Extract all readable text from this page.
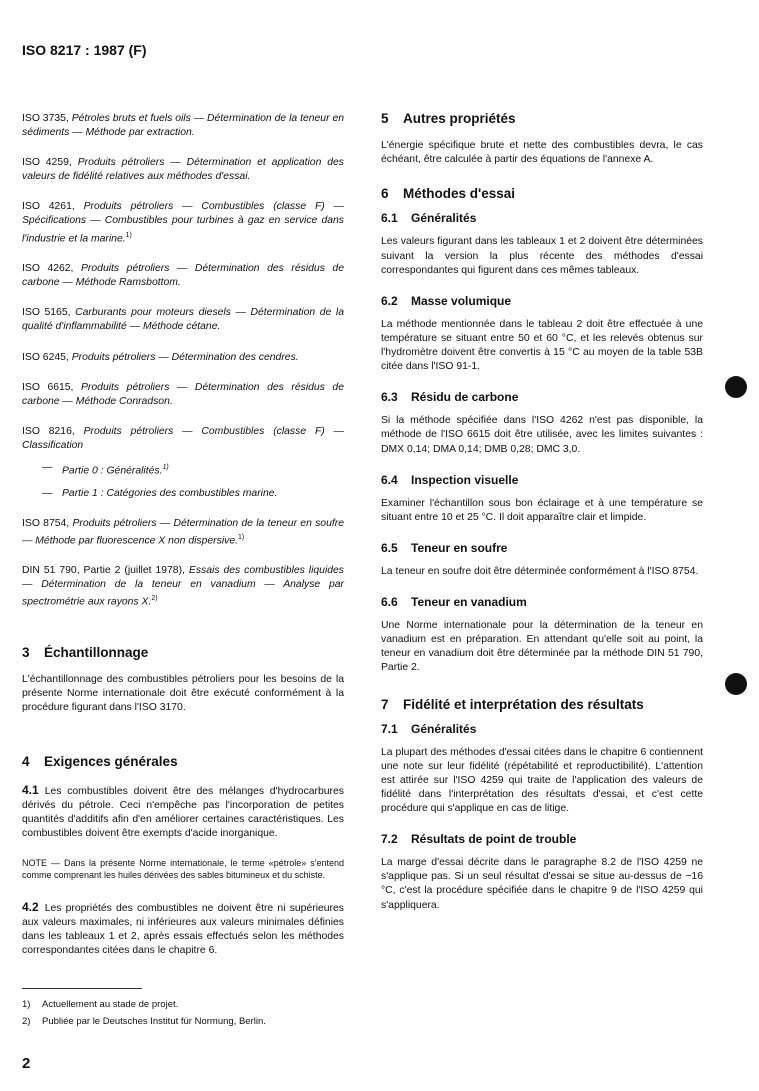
ISO 8217 : 1987 (F)
ISO 3735, Pétroles bruts et fuels oils — Détermination de la teneur en sédiments — Méthode par extraction.
ISO 4259, Produits pétroliers — Détermination et application des valeurs de fidélité relatives aux méthodes d'essai.
ISO 4261, Produits pétroliers — Combustibles (classe F) — Spécifications — Combustibles pour turbines à gaz en service dans l'industrie et la marine.$^{1)}$
ISO 4262, Produits pétroliers — Détermination des résidus de carbone — Méthode Ramsbottom.
ISO 5165, Carburants pour moteurs diesels — Détermination de la qualité d'inflammabilité — Méthode cétane.
ISO 6245, Produits pétroliers — Détermination des cendres.
ISO 6615, Produits pétroliers — Détermination des résidus de carbone — Méthode Conradson.
ISO 8216, Produits pétroliers — Combustibles (classe F) — Classification
— Partie 0 : Généralités.$^{1)}$
— Partie 1 : Catégories des combustibles marine.
ISO 8754, Produits pétroliers — Détermination de la teneur en soufre — Méthode par fluorescence X non dispersive.$^{1)}$
DIN 51 790, Partie 2 (juillet 1978), Essais des combustibles liquides — Détermination de la teneur en vanadium — Analyse par spectrométrie aux rayons X.$^{2)}$
3 Échantillonnage

L'échantillonnage des combustibles pétroliers pour les besoins de la présente Norme internationale doit être exécuté conformément à la procédure figurant dans l'ISO 3170.

4 Exigences générales

4.1 Les combustibles doivent être des mélanges d'hydrocarbures dérivés du pétrole. Ceci n'empêche pas l'incorporation de petites quantités d'additifs afin d'en améliorer certaines caractéristiques. Les combustibles doivent être exempts d'acide inorganique.

NOTE — Dans la présente Norme internationale, le terme «pétrole» s'entend comme comprenant les huiles dérivées des sables bitumineux et du schiste.

4.2 Les propriétés des combustibles ne doivent être ni supérieures aux valeurs maximales, ni inférieures aux valeurs minimales définies dans les tableaux 1 et 2, après essais effectués selon les méthodes correspondantes citées dans le chapitre 6.

5 Autres propriétés

L'énergie spécifique brute et nette des combustibles devra, le cas échéant, être calculée à partir des équations de l'annexe A.

6 Méthodes d'essai
6.1 Généralités

Les valeurs figurant dans les tableaux 1 et 2 doivent être déterminées suivant la version la plus récente des méthodes d'essai correspondantes qui figurent dans ces mêmes tableaux.

6.2 Masse volumique

La méthode mentionnée dans le tableau 2 doit être effectuée à une température se situant entre 50 et 60 °C, et les relevés obtenus sur l'hydromètre doivent être convertis à 15 °C au moyen de la table 53B citée dans l'ISO 91-1.

6.3 Résidu de carbone

Si la méthode spécifiée dans l'ISO 4262 n'est pas disponible, la méthode de l'ISO 6615 doit être utilisée, avec les limites suivantes : DMX 0,14; DMA 0,14; DMB 0,28; DMC 3,0.

6.4 Inspection visuelle

Examiner l'échantillon sous bon éclairage et à une température se situant entre 10 et 25 °C. Il doit apparaître clair et limpide.

6.5 Teneur en soufre

La teneur en soufre doit être déterminée conformément à l'ISO 8754.

6.6 Teneur en vanadium

Une Norme internationale pour la détermination de la teneur en vanadium est en préparation. En attendant qu'elle soit au point, la teneur en vanadium doit être déterminée par la méthode DIN 51 790, Partie 2.

7 Fidélité et interprétation des résultats
7.1 Généralités

La plupart des méthodes d'essai citées dans le chapitre 6 contiennent une note sur leur fidélité (répétabilité et reproductibilité). L'attention est attirée sur l'ISO 4259 qui traite de l'application des valeurs de fidélité dans l'interprétation des résultats d'essai, et c'est cette procédure qui s'applique en cas de litige.

7.2 Résultats de point de trouble

La marge d'essai décrite dans le paragraphe 8.2 de l'ISO 4259 ne s'applique pas. Si un seul résultat d'essai se situe au-dessus de −16 °C, c'est la procédure spécifiée dans le chapitre 9 de l'ISO 4259 qui s'appliquera.

1) Actuellement au stade de projet.
2) Publiée par le Deutsches Institut für Normung, Berlin.
2
